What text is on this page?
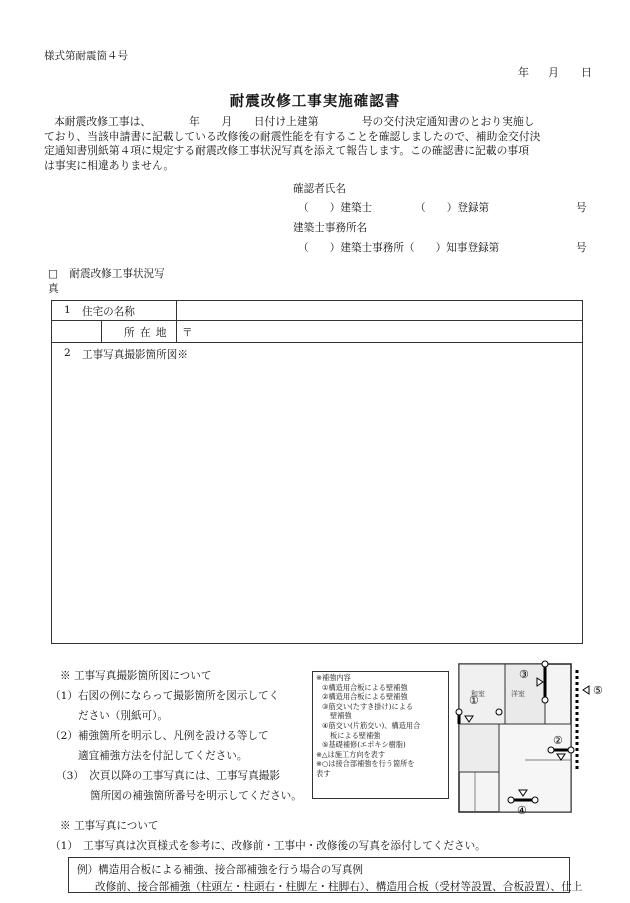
様式第耐震箇４号
年 月 日
耐震改修工事実施確認書
本耐震改修工事は、　　　　年　　月　　日付け上建第　　　　号の交付決定通知書のとおり実施し
ており、当該申請書に記載している改修後の耐震性能を有することを確認しましたので、補助金交付決
定通知書別紙第４項に規定する耐震改修工事状況写真を添えて報告します。この確認書に記載の事項
は事実に相違ありません。
確認者氏名
（　　）建築士	（　　）登録第	号
建築士事務所名
（　　）建築士事務所（　　）知事登録第	号
□ 耐震改修工事状況写
真
1 住宅の名称
所 在 地 〒
2 工事写真撮影箇所図※
※ 工事写真撮影箇所図について
（1）右図の例にならって撮影箇所を図示してく
ださい（別紙可）。
（2）補強箇所を明示し、凡例を設ける等して
適宜補強方法を付記してください。
（3）　次頁以降の工事写真には、工事写真撮影
箇所図の補強箇所番号を明示してください。
※補強内容
①構造用合板による壁補強
②構造用合板による壁補強
③筋交い(たすき掛け)による
壁補強
④筋交い(片筋交い)、構造用合
板による壁補強
⑤基礎補修(エポキシ樹脂)
※△は施工方向を表す
※○は接合部補強を行う箇所を
表す
洋室
和室
①
③
②
④
⑤
※ 工事写真について
（1）　工事写真は次頁様式を参考に、改修前・工事中・改修後の写真を添付してください。
例）構造用合板による補強、接合部補強を行う場合の写真例
改修前、接合部補強（柱頭左・柱頭右・柱脚左・柱脚右）、構造用合板（受材等設置、合板設置）、仕上
